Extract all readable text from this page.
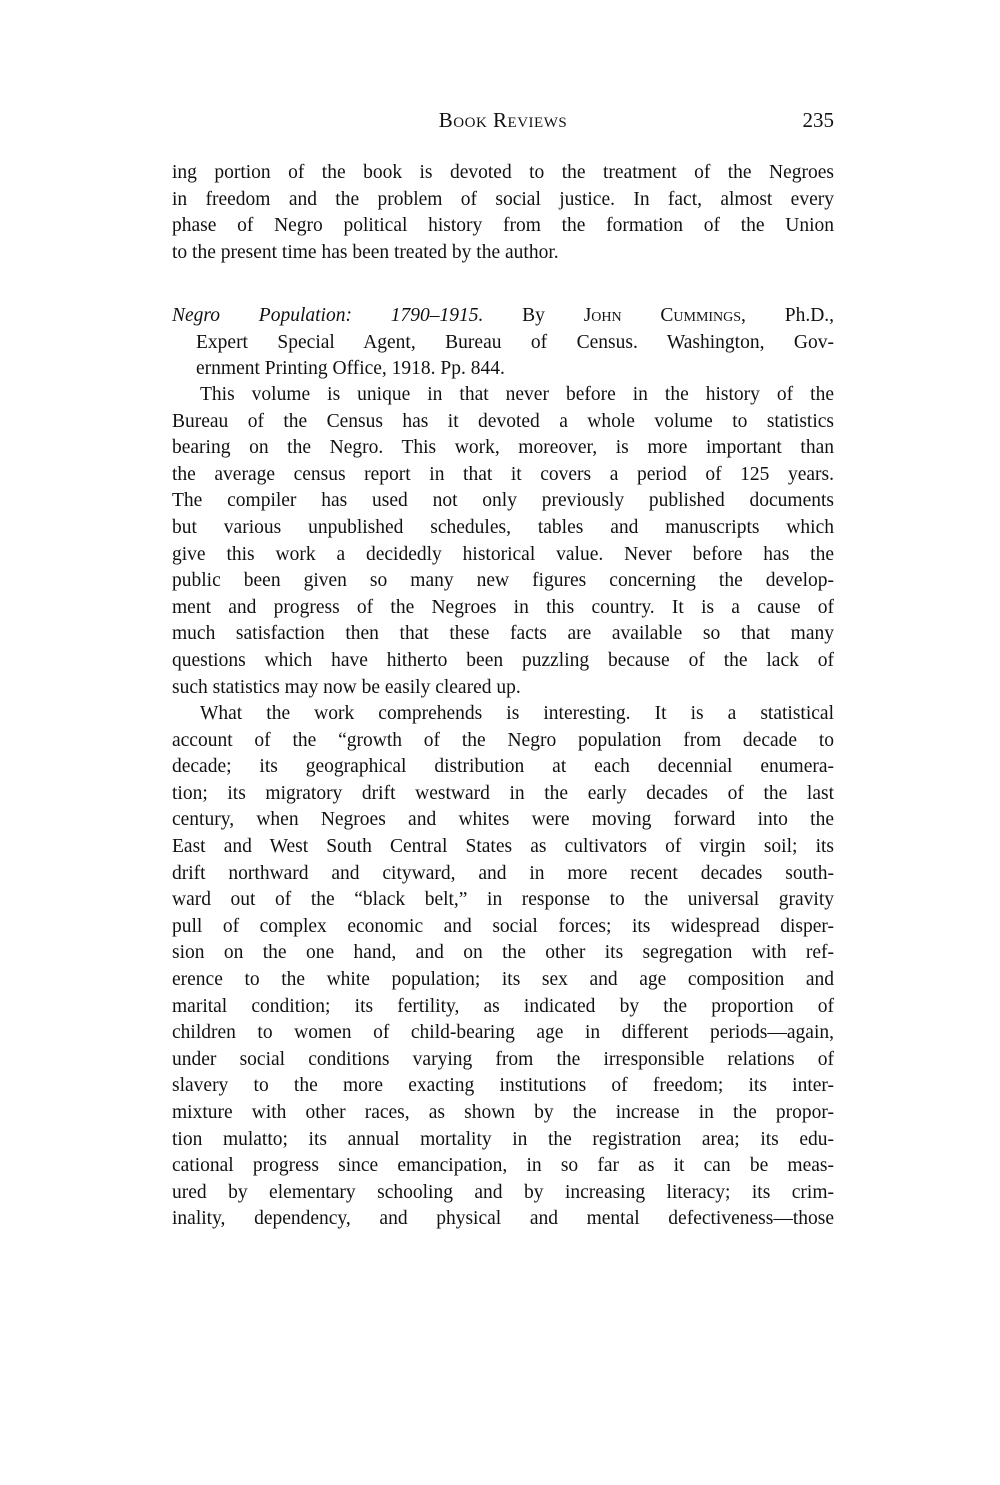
Book Reviews	235
ing portion of the book is devoted to the treatment of the Negroes
in freedom and the problem of social justice. In fact, almost every
phase of Negro political history from the formation of the Union
to the present time has been treated by the author.
Negro Population: 1790–1915. By John Cummings, Ph.D.,
Expert Special Agent, Bureau of Census. Washington, Gov-
ernment Printing Office, 1918. Pp. 844.
This volume is unique in that never before in the history of the
Bureau of the Census has it devoted a whole volume to statistics
bearing on the Negro. This work, moreover, is more important than
the average census report in that it covers a period of 125 years.
The compiler has used not only previously published documents
but various unpublished schedules, tables and manuscripts which
give this work a decidedly historical value. Never before has the
public been given so many new figures concerning the develop-
ment and progress of the Negroes in this country. It is a cause of
much satisfaction then that these facts are available so that many
questions which have hitherto been puzzling because of the lack of
such statistics may now be easily cleared up.
What the work comprehends is interesting. It is a statistical
account of the “growth of the Negro population from decade to
decade; its geographical distribution at each decennial enumera-
tion; its migratory drift westward in the early decades of the last
century, when Negroes and whites were moving forward into the
East and West South Central States as cultivators of virgin soil; its
drift northward and cityward, and in more recent decades south-
ward out of the “black belt,” in response to the universal gravity
pull of complex economic and social forces; its widespread disper-
sion on the one hand, and on the other its segregation with ref-
erence to the white population; its sex and age composition and
marital condition; its fertility, as indicated by the proportion of
children to women of child-bearing age in different periods—again,
under social conditions varying from the irresponsible relations of
slavery to the more exacting institutions of freedom; its inter-
mixture with other races, as shown by the increase in the propor-
tion mulatto; its annual mortality in the registration area; its edu-
cational progress since emancipation, in so far as it can be meas-
ured by elementary schooling and by increasing literacy; its crim-
inality, dependency, and physical and mental defectiveness—those
